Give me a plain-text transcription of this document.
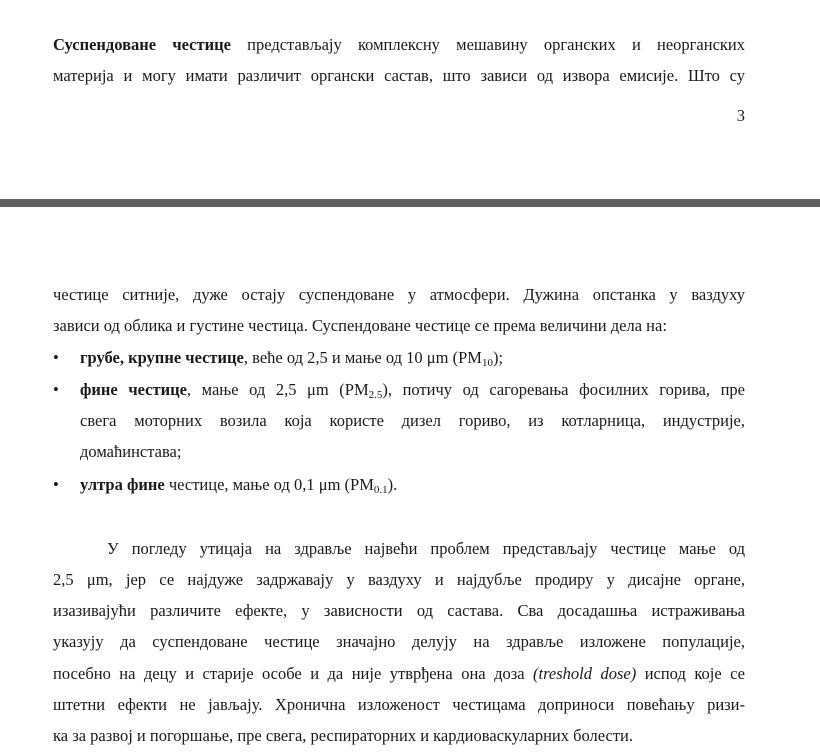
Суспендоване честице представљају комплексну мешавину органских и неорганских
материја и могу имати различит органски састав, што зависи од извора емисије. Што су
3
честице ситније, дуже остају суспендоване у атмосфери. Дужина опстанка у ваздуху
зависи од облика и густине честица. Суспендоване честице се према величини дела на:
• грубе, крупне честице, веће од 2,5 и мање од 10 μm $(PM_{10})$;
• фине честице, мање од 2,5 μm $(PM_{2.5})$, потичу од сагоревања фосилних горива, пре
свега моторних возила која користе дизел гориво, из котларница, индустрије,
домаћинстава;
• ултра фине честице, мање од 0,1 μm $(PM_{0.1})$.
У погледу утицаја на здравље највећи проблем представљају честице мање од
2,5 μm, јер се најдуже задржавају у ваздуху и најдубље продиру у дисајне органе,
изазивајући различите ефекте, у зависности од састава. Сва досадашња истраживања
указују да суспендоване честице значајно делују на здравље изложене популације,
посебно на децу и старије особе и да није утврђена она доза (treshold dose) испод које се
штетни ефекти не јављају. Хронична изложеност честицама доприноси повећању ризи-
ка за развој и погоршање, пре свега, респираторних и кардиоваскуларних болести.
